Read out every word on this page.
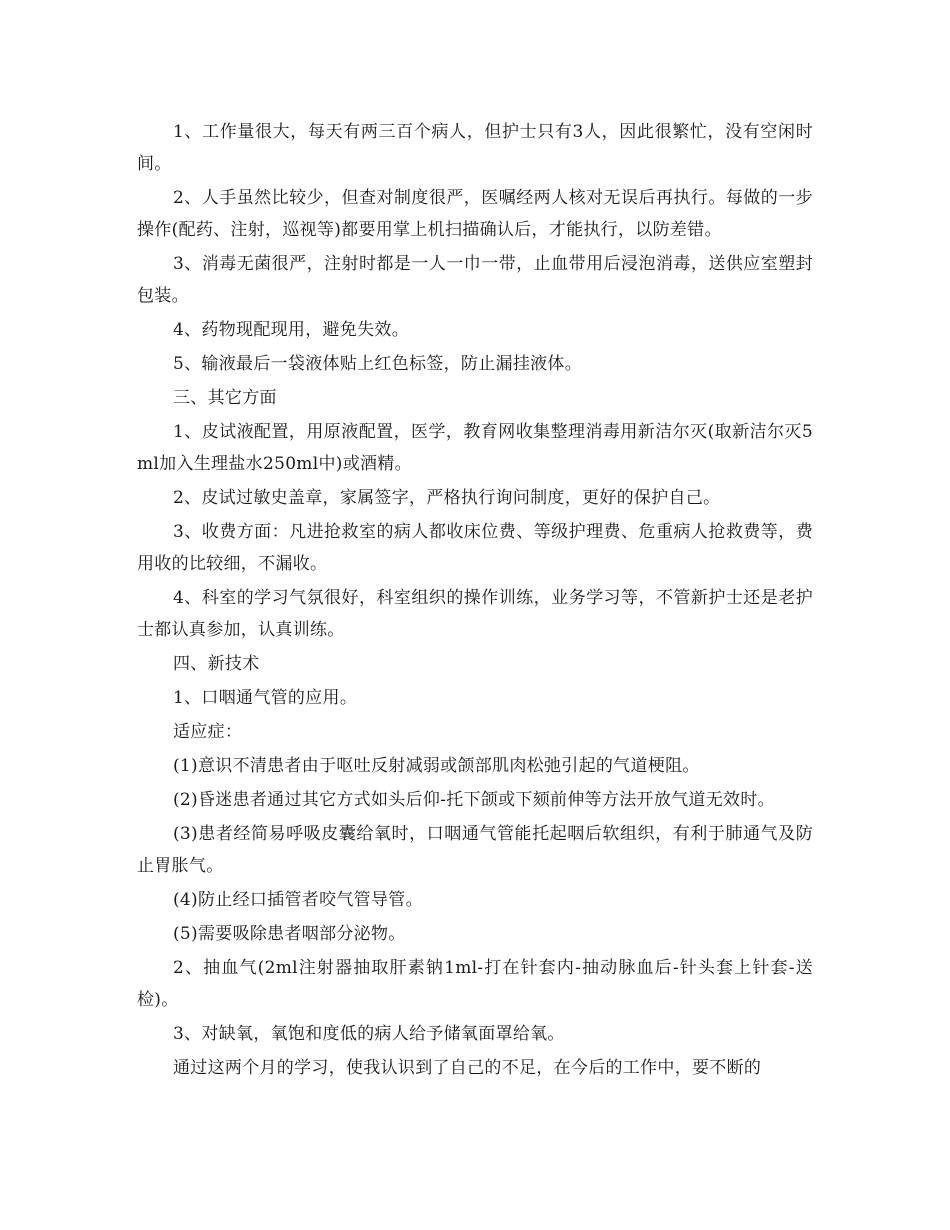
1、工作量很大，每天有两三百个病人，但护士只有3人，因此很繁忙，没有空闲时间。

2、人手虽然比较少，但查对制度很严，医嘱经两人核对无误后再执行。每做的一步操作(配药、注射，巡视等)都要用掌上机扫描确认后，才能执行，以防差错。

3、消毒无菌很严，注射时都是一人一巾一带，止血带用后浸泡消毒，送供应室塑封包装。

4、药物现配现用，避免失效。

5、输液最后一袋液体贴上红色标签，防止漏挂液体。

三、其它方面

1、皮试液配置，用原液配置，医学，教育网收集整理消毒用新洁尔灭(取新洁尔灭5ml加入生理盐水250ml中)或酒精。

2、皮试过敏史盖章，家属签字，严格执行询问制度，更好的保护自己。

3、收费方面：凡进抢救室的病人都收床位费、等级护理费、危重病人抢救费等，费用收的比较细，不漏收。

4、科室的学习气氛很好，科室组织的操作训练，业务学习等，不管新护士还是老护士都认真参加，认真训练。

四、新技术

1、口咽通气管的应用。

适应症：

(1)意识不清患者由于呕吐反射减弱或颌部肌肉松弛引起的气道梗阻。

(2)昏迷患者通过其它方式如头后仰-托下颌或下颏前伸等方法开放气道无效时。

(3)患者经简易呼吸皮囊给氧时，口咽通气管能托起咽后软组织，有利于肺通气及防止胃胀气。

(4)防止经口插管者咬气管导管。

(5)需要吸除患者咽部分泌物。

2、抽血气(2ml注射器抽取肝素钠1ml-打在针套内-抽动脉血后-针头套上针套-送检)。

3、对缺氧，氧饱和度低的病人给予储氧面罩给氧。

通过这两个月的学习，使我认识到了自己的不足，在今后的工作中，要不断的
